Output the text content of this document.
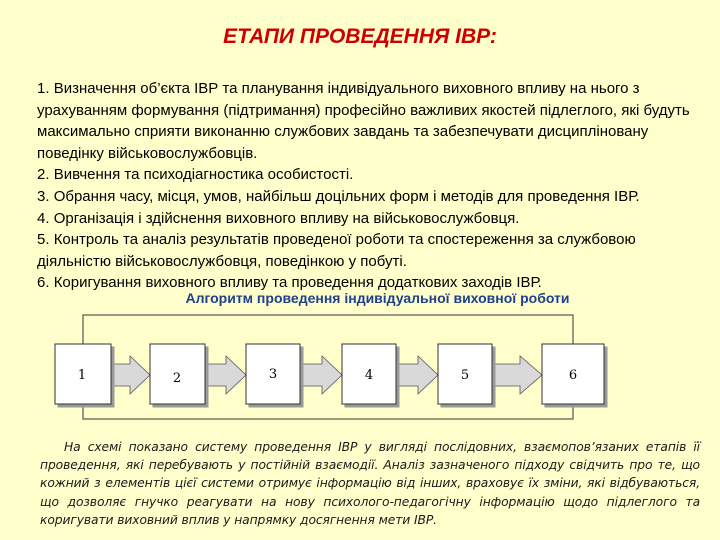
ЕТАПИ ПРОВЕДЕННЯ ІВР:
1. Визначення об’єкта ІВР та планування індивідуального виховного впливу на нього з урахуванням формування (підтримання) професійно важливих якостей підлеглого, які будуть максимально сприяти виконанню службових завдань та забезпечувати дисципліновану поведінку військовослужбовців.
2. Вивчення та психодіагностика особистості.
3. Обрання часу, місця, умов, найбільш доцільних форм і методів для проведення ІВР.
4. Організація і здійснення виховного впливу на військовослужбовця.
5. Контроль та аналіз результатів проведеної роботи та спостереження за службовою діяльністю військовослужбовця, поведінкою у побуті.
6. Коригування виховного впливу та проведення додаткових заходів ІВР.
Алгоритм проведення індивідуальної виховної роботи
1	2	3	4	5	6

На схемі показано систему проведення ІВР у вигляді послідовних, взаємопов’язаних етапів її проведення, які перебувають у постійній взаємодії. Аналіз зазначеного підходу свідчить про те, що кожний з елементів цієї системи отримує інформацію від інших, враховує їх зміни, які відбуваються, що дозволяє гнучко реагувати на нову психолого-педагогічну інформацію щодо підлеглого та коригувати виховний вплив у напрямку досягнення мети ІВР.
